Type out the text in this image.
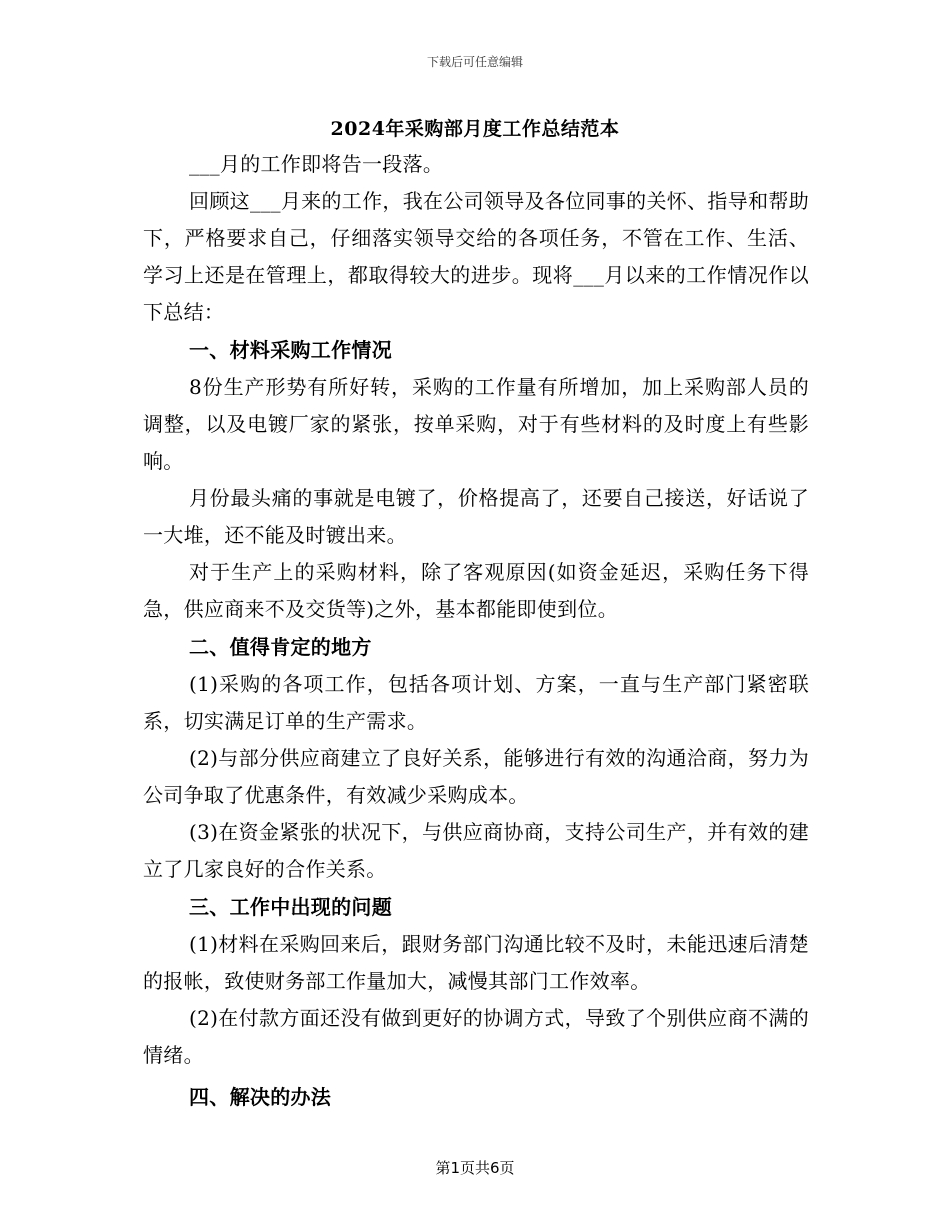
下载后可任意编辑
2024年采购部月度工作总结范本

___月的工作即将告一段落。

回顾这___月来的工作，我在公司领导及各位同事的关怀、指导和帮助下，严格要求自己，仔细落实领导交给的各项任务，不管在工作、生活、学习上还是在管理上，都取得较大的进步。现将___月以来的工作情况作以下总结：

一、材料采购工作情况

8份生产形势有所好转，采购的工作量有所增加，加上采购部人员的调整，以及电镀厂家的紧张，按单采购，对于有些材料的及时度上有些影响。

月份最头痛的事就是电镀了，价格提高了，还要自己接送，好话说了一大堆，还不能及时镀出来。

对于生产上的采购材料，除了客观原因(如资金延迟，采购任务下得急，供应商来不及交货等)之外，基本都能即使到位。

二、值得肯定的地方

(1)采购的各项工作，包括各项计划、方案，一直与生产部门紧密联系，切实满足订单的生产需求。

(2)与部分供应商建立了良好关系，能够进行有效的沟通洽商，努力为公司争取了优惠条件，有效减少采购成本。

(3)在资金紧张的状况下，与供应商协商，支持公司生产，并有效的建立了几家良好的合作关系。

三、工作中出现的问题

(1)材料在采购回来后，跟财务部门沟通比较不及时，未能迅速后清楚的报帐，致使财务部工作量加大，减慢其部门工作效率。

(2)在付款方面还没有做到更好的协调方式，导致了个别供应商不满的情绪。

四、解决的办法

第1页共6页
